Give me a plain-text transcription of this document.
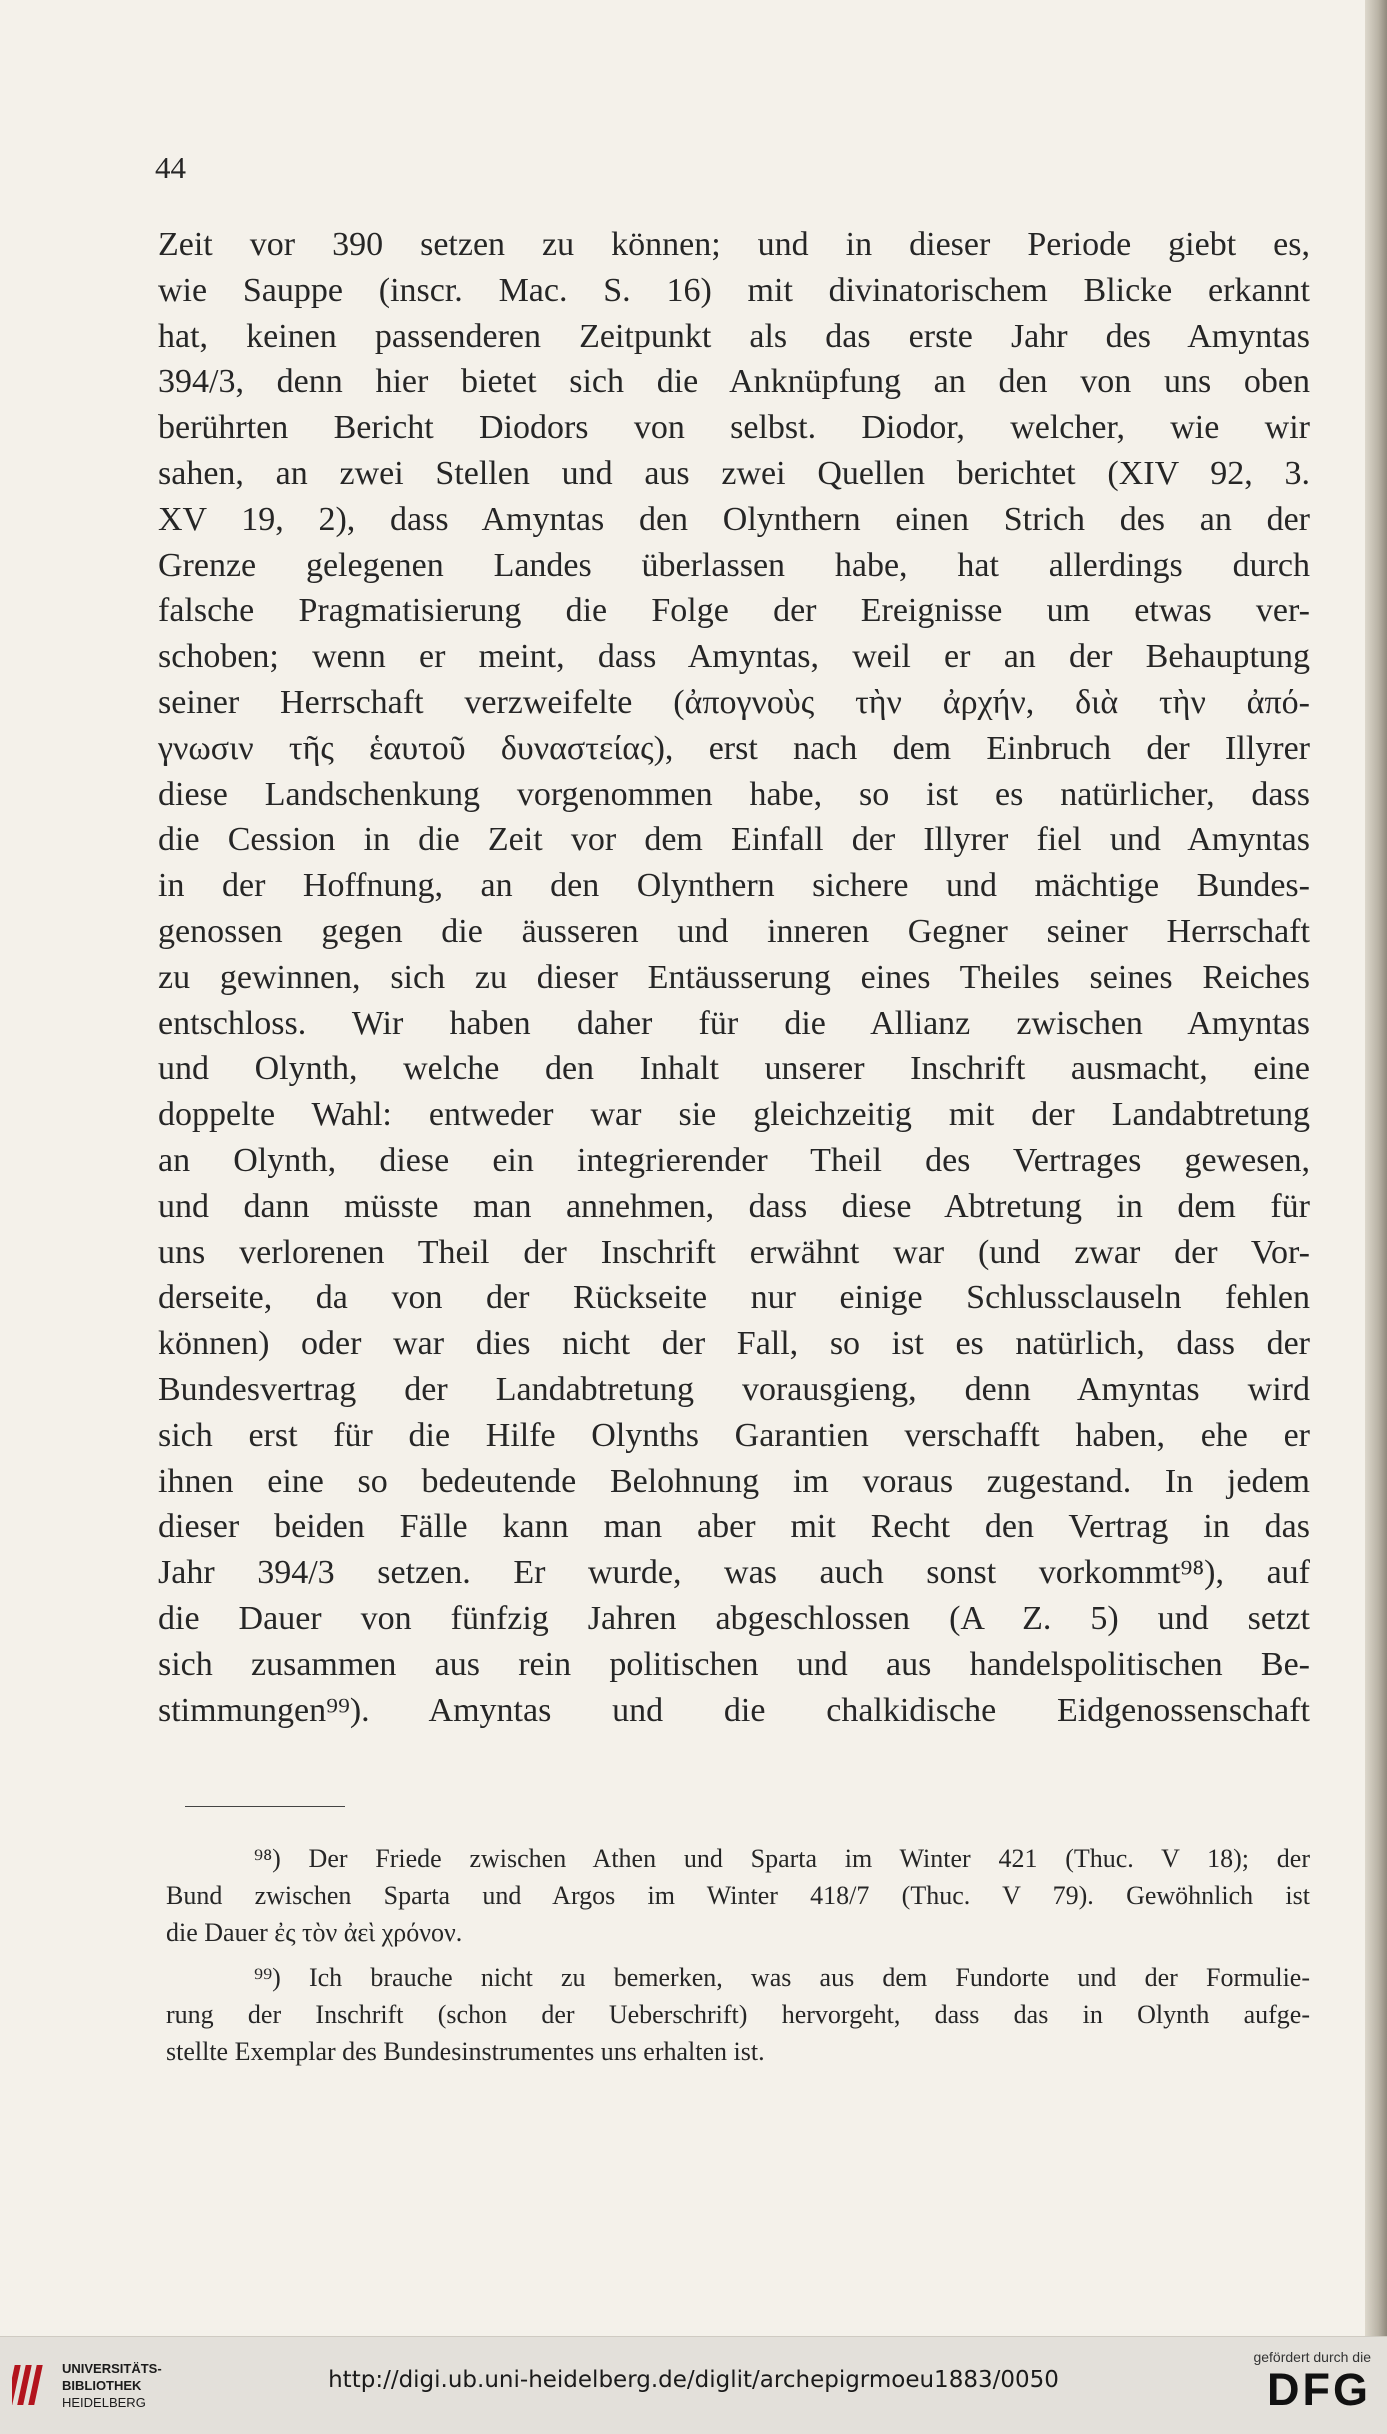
44
Zeit vor 390 setzen zu können; und in dieser Periode giebt es,
wie Sauppe (inscr. Mac. S. 16) mit divinatorischem Blicke erkannt
hat, keinen passenderen Zeitpunkt als das erste Jahr des Amyntas
394/3, denn hier bietet sich die Anknüpfung an den von uns oben
berührten Bericht Diodors von selbst. Diodor, welcher, wie wir
sahen, an zwei Stellen und aus zwei Quellen berichtet (XIV 92, 3.
XV 19, 2), dass Amyntas den Olynthern einen Strich des an der
Grenze gelegenen Landes überlassen habe, hat allerdings durch
falsche Pragmatisierung die Folge der Ereignisse um etwas ver-
schoben; wenn er meint, dass Amyntas, weil er an der Behauptung
seiner Herrschaft verzweifelte (ἀπογνοὺς τὴν ἀρχήν, διὰ τὴν ἀπό-
γνωσιν τῆς ἑαυτοῦ δυναστείας), erst nach dem Einbruch der Illyrer
diese Landschenkung vorgenommen habe, so ist es natürlicher, dass
die Cession in die Zeit vor dem Einfall der Illyrer fiel und Amyntas
in der Hoffnung, an den Olynthern sichere und mächtige Bundes-
genossen gegen die äusseren und inneren Gegner seiner Herrschaft
zu gewinnen, sich zu dieser Entäusserung eines Theiles seines Reiches
entschloss. Wir haben daher für die Allianz zwischen Amyntas
und Olynth, welche den Inhalt unserer Inschrift ausmacht, eine
doppelte Wahl: entweder war sie gleichzeitig mit der Landabtretung
an Olynth, diese ein integrierender Theil des Vertrages gewesen,
und dann müsste man annehmen, dass diese Abtretung in dem für
uns verlorenen Theil der Inschrift erwähnt war (und zwar der Vor-
derseite, da von der Rückseite nur einige Schlussclauseln fehlen
können) oder war dies nicht der Fall, so ist es natürlich, dass der
Bundesvertrag der Landabtretung vorausgieng, denn Amyntas wird
sich erst für die Hilfe Olynths Garantien verschafft haben, ehe er
ihnen eine so bedeutende Belohnung im voraus zugestand. In jedem
dieser beiden Fälle kann man aber mit Recht den Vertrag in das
Jahr 394/3 setzen. Er wurde, was auch sonst vorkommt⁹⁸), auf
die Dauer von fünfzig Jahren abgeschlossen (A Z. 5) und setzt
sich zusammen aus rein politischen und aus handelspolitischen Be-
stimmungen⁹⁹). Amyntas und die chalkidische Eidgenossenschaft
⁹⁸) Der Friede zwischen Athen und Sparta im Winter 421 (Thuc. V 18); der
Bund zwischen Sparta und Argos im Winter 418/7 (Thuc. V 79). Gewöhnlich ist
die Dauer ἐς τὸν ἀεὶ χρόνον.
⁹⁹) Ich brauche nicht zu bemerken, was aus dem Fundorte und der Formulie-
rung der Inschrift (schon der Ueberschrift) hervorgeht, dass das in Olynth aufge-
stellte Exemplar des Bundesinstrumentes uns erhalten ist.
UNIVERSITÄTS-
BIBLIOTHEK
HEIDELBERG
http://digi.ub.uni-heidelberg.de/diglit/archepigrmoeu1883/0050
gefördert durch die
DFG
